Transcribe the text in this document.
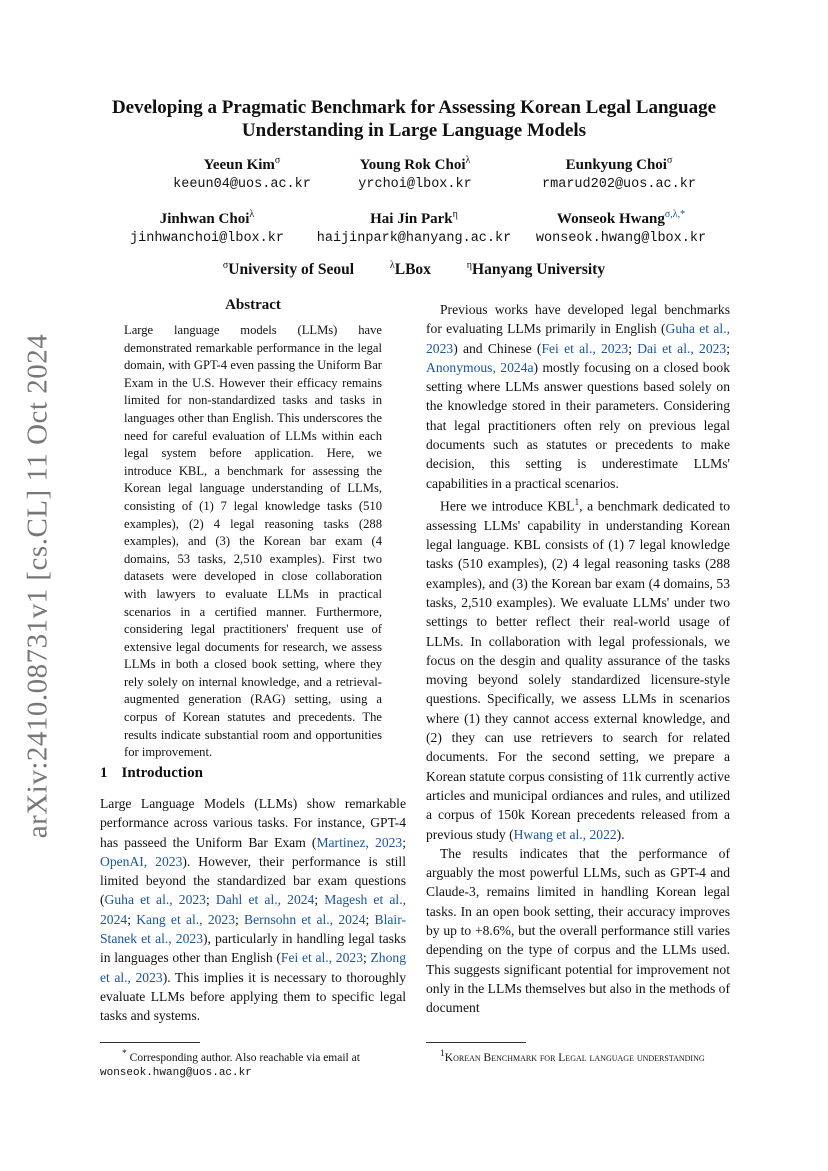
arXiv:2410.08731v1 [cs.CL] 11 Oct 2024
Developing a Pragmatic Benchmark for Assessing Korean Legal Language
Understanding in Large Language Models
Yeeun Kim$^\sigma$
keeun04@uos.ac.kr
Young Rok Choi$^\lambda$
yrchoi@lbox.kr
Eunkyung Choi$^\sigma$
rmarud202@uos.ac.kr
Jinhwan Choi$^\lambda$
jinhwanchoi@lbox.kr
Hai Jin Park$^\eta$
haijinpark@hanyang.ac.kr
Wonseok Hwang$^{\sigma,\lambda,*}$
wonseok.hwang@lbox.kr
$^\sigma$University of Seoul	$^\lambda$LBox	$^\eta$Hanyang University
Abstract
Large language models (LLMs) have demonstrated remarkable performance in the legal domain, with GPT-4 even passing the Uniform Bar Exam in the U.S. However their efficacy remains limited for non-standardized tasks and tasks in languages other than English. This underscores the need for careful evaluation of LLMs within each legal system before application. Here, we introduce KBL, a benchmark for assessing the Korean legal language understanding of LLMs, consisting of (1) 7 legal knowledge tasks (510 examples), (2) 4 legal reasoning tasks (288 examples), and (3) the Korean bar exam (4 domains, 53 tasks, 2,510 examples). First two datasets were developed in close collaboration with lawyers to evaluate LLMs in practical scenarios in a certified manner. Furthermore, considering legal practitioners' frequent use of extensive legal documents for research, we assess LLMs in both a closed book setting, where they rely solely on internal knowledge, and a retrieval-augmented generation (RAG) setting, using a corpus of Korean statutes and precedents. The results indicate substantial room and opportunities for improvement.
1 Introduction
Large Language Models (LLMs) show remarkable performance across various tasks. For instance, GPT-4 has passeed the Uniform Bar Exam (Martinez, 2023; OpenAI, 2023). However, their performance is still limited beyond the standardized bar exam questions (Guha et al., 2023; Dahl et al., 2024; Magesh et al., 2024; Kang et al., 2023; Bernsohn et al., 2024; Blair-Stanek et al., 2023), particularly in handling legal tasks in languages other than English (Fei et al., 2023; Zhong et al., 2023). This implies it is necessary to thoroughly evaluate LLMs before applying them to specific legal tasks and systems.

Previous works have developed legal benchmarks for evaluating LLMs primarily in English (Guha et al., 2023) and Chinese (Fei et al., 2023; Dai et al., 2023; Anonymous, 2024a) mostly focusing on a closed book setting where LLMs answer questions based solely on the knowledge stored in their parameters. Considering that legal practitioners often rely on previous legal documents such as statutes or precedents to make decision, this setting is underestimate LLMs' capabilities in a practical scenarios.

Here we introduce KBL$^1$, a benchmark dedicated to assessing LLMs' capability in understanding Korean legal language. KBL consists of (1) 7 legal knowledge tasks (510 examples), (2) 4 legal reasoning tasks (288 examples), and (3) the Korean bar exam (4 domains, 53 tasks, 2,510 examples). We evaluate LLMs' under two settings to better reflect their real-world usage of LLMs. In collaboration with legal professionals, we focus on the desgin and quality assurance of the tasks moving beyond solely standardized licensure-style questions. Specifically, we assess LLMs in scenarios where (1) they cannot access external knowledge, and (2) they can use retrievers to search for related documents. For the second setting, we prepare a Korean statute corpus consisting of 11k currently active articles and municipal ordiances and rules, and utilized a corpus of 150k Korean precedents released from a previous study (Hwang et al., 2022).

The results indicates that the performance of arguably the most powerful LLMs, such as GPT-4 and Claude-3, remains limited in handling Korean legal tasks. In an open book setting, their accuracy improves by up to +8.6%, but the overall performance still varies depending on the type of corpus and the LLMs used. This suggests significant potential for improvement not only in the LLMs themselves but also in the methods of document

* Corresponding author. Also reachable via email at
wonseok.hwang@uos.ac.kr
$^1$Korean Benchmark for Legal language understanding
